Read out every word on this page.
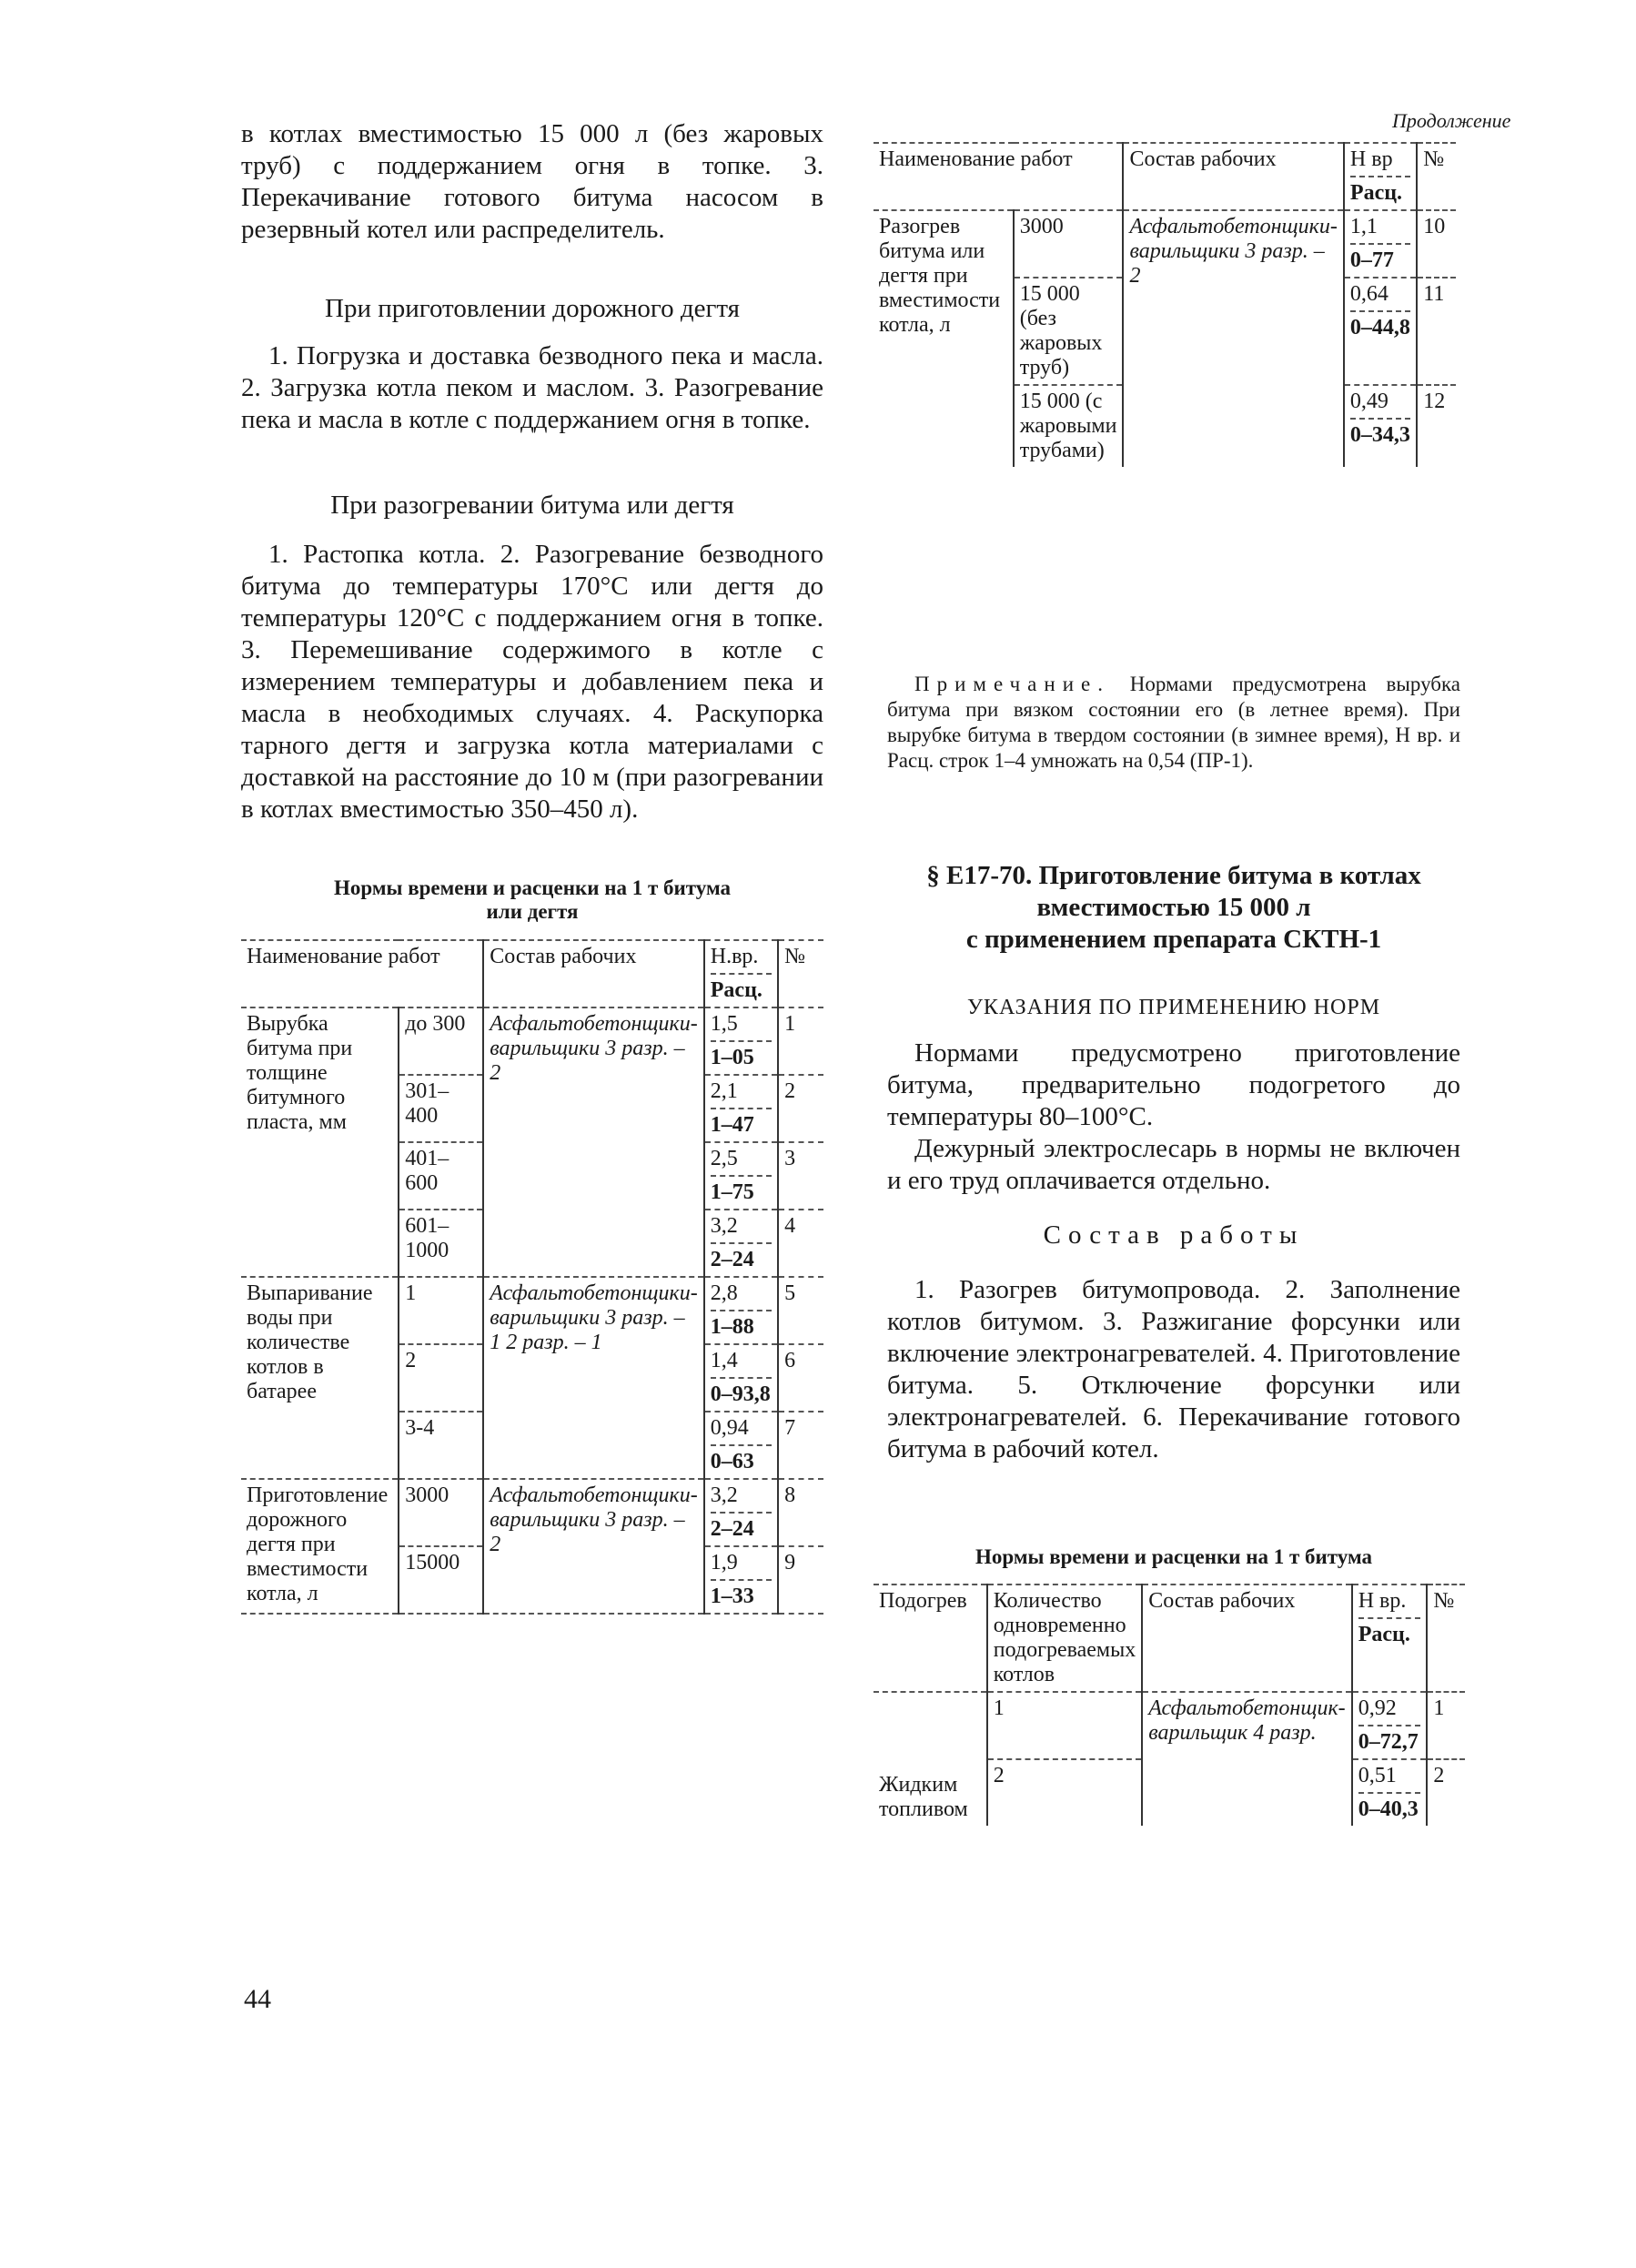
в котлах вместимостью 15 000 л (без жаровых труб) с поддержанием огня в топке. 3. Перекачивание готового битума насосом в резервный котел или распределитель.

При приготовлении дорожного дегтя

1. Погрузка и доставка безводного пека и масла. 2. Загрузка котла пеком и маслом. 3. Разогревание пека и масла в котле с поддержанием огня в топке.

При разогревании битума или дегтя

1. Растопка котла. 2. Разогревание безводного битума до температуры 170°С или дегтя до температуры 120°С с поддержанием огня в топке. 3. Перемешивание содержимого в котле с измерением температуры и добавлением пека и масла в необходимых случаях. 4. Раскупорка тарного дегтя и загрузка котла материалами с доставкой на расстояние до 10 м (при разогревании в котлах вместимостью 350–450 л).

Нормы времени и расценки на 1 т битума

или дегтя

Наименование работ		Состав рабочих	Н.вр.
Расц.	№
Вырубка битума при толщине битумного пласта, мм	до 300	Асфальтобетонщики-варильщики 3 разр. – 2	1,5
1–05	1
	301–400		2,1
1–47	2
	401–600		2,5
1–75	3
	601–1000		3,2
2–24	4
Выпаривание воды при количестве котлов в батарее	1	Асфальтобетонщики-варильщики 3 разр. – 1 2 разр. – 1	2,8
1–88	5
	2		1,4
0–93,8	6
	3-4		0,94
0–63	7
Приготовление дорожного дегтя при вместимости котла, л	3000	Асфальтобетонщики-варильщики 3 разр. – 2	3,2
2–24	8
	15000		1,9
1–33	9
44
Продолжение
Наименование работ		Состав рабочих	Н вр
Расц.	№
Разогрев битума или дегтя при вместимости котла, л	3000	Асфальтобетонщики-варильщики 3 разр. – 2	1,1
0–77	10
	15 000 (без жаровых труб)		0,64
0–44,8	11
	15 000 (с жаровыми трубами)		0,49
0–34,3	12

Примечание. Нормами предусмотрена вырубка битума при вязком состоянии его (в летнее время). При вырубке битума в твердом состоянии (в зимнее время), Н вр. и Расц. строк 1–4 умножать на 0,54 (ПР-1).

§ Е17-70. Приготовление битума в котлах

вместимостью 15 000 л

с применением препарата СКТН-1

УКАЗАНИЯ ПО ПРИМЕНЕНИЮ НОРМ

Нормами предусмотрено приготовление битума, предварительно подогретого до температуры 80–100°С.

Дежурный электрослесарь в нормы не включен и его труд оплачивается отдельно.

Состав работы

1. Разогрев битумопровода. 2. Заполнение котлов битумом. 3. Разжигание форсунки или включение электронагревателей. 4. Приготовление битума. 5. Отключение форсунки или электронагревателей. 6. Перекачивание готового битума в рабочий котел.

Нормы времени и расценки на 1 т битума

Подогрев	Количество одновременно подогреваемых котлов	Состав рабочих	Н вр.
Расц.	№
Жидким топливом	1	Асфальтобетонщик-варильщик 4 разр.	0,92
0–72,7	1
	2		0,51
0–40,3	2
